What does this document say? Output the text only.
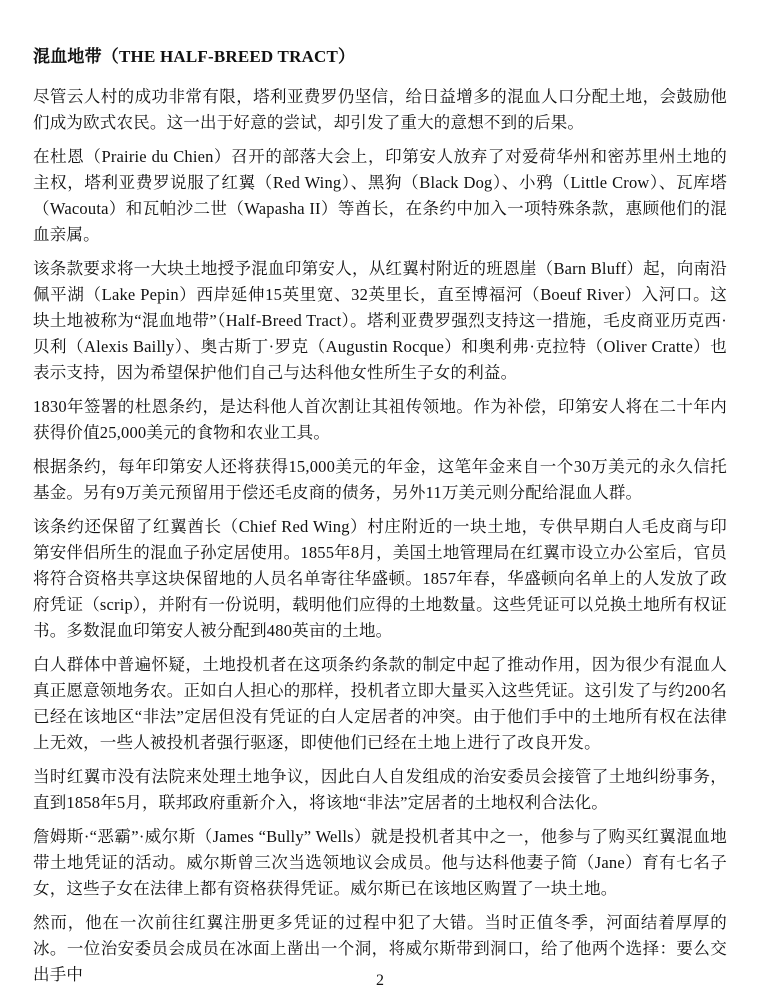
混血地带（THE HALF-BREED TRACT）

尽管云人村的成功非常有限，塔利亚费罗仍坚信，给日益增多的混血人口分配土地，会鼓励他们成为欧式农民。这一出于好意的尝试，却引发了重大的意想不到的后果。

在杜恩（Prairie du Chien）召开的部落大会上，印第安人放弃了对爱荷华州和密苏里州土地的主权，塔利亚费罗说服了红翼（Red Wing）、黑狗（Black Dog）、小鸦（Little Crow）、瓦库塔（Wacouta）和瓦帕沙二世（Wapasha II）等酋长，在条约中加入一项特殊条款，惠顾他们的混血亲属。

该条款要求将一大块土地授予混血印第安人，从红翼村附近的班恩崖（Barn Bluff）起，向南沿佩平湖（Lake Pepin）西岸延伸15英里宽、32英里长，直至博福河（Boeuf River）入河口。这块土地被称为“混血地带”（Half-Breed Tract）。塔利亚费罗强烈支持这一措施，毛皮商亚历克西·贝利（Alexis Bailly）、奥古斯丁·罗克（Augustin Rocque）和奥利弗·克拉特（Oliver Cratte）也表示支持，因为希望保护他们自己与达科他女性所生子女的利益。

1830年签署的杜恩条约，是达科他人首次割让其祖传领地。作为补偿，印第安人将在二十年内获得价值25,000美元的食物和农业工具。

根据条约，每年印第安人还将获得15,000美元的年金，这笔年金来自一个30万美元的永久信托基金。另有9万美元预留用于偿还毛皮商的债务，另外11万美元则分配给混血人群。

该条约还保留了红翼酋长（Chief Red Wing）村庄附近的一块土地，专供早期白人毛皮商与印第安伴侣所生的混血子孙定居使用。1855年8月，美国土地管理局在红翼市设立办公室后，官员将符合资格共享这块保留地的人员名单寄往华盛顿。1857年春，华盛顿向名单上的人发放了政府凭证（scrip），并附有一份说明，载明他们应得的土地数量。这些凭证可以兑换土地所有权证书。多数混血印第安人被分配到480英亩的土地。

白人群体中普遍怀疑，土地投机者在这项条约条款的制定中起了推动作用，因为很少有混血人真正愿意领地务农。正如白人担心的那样，投机者立即大量买入这些凭证。这引发了与约200名已经在该地区“非法”定居但没有凭证的白人定居者的冲突。由于他们手中的土地所有权在法律上无效，一些人被投机者强行驱逐，即使他们已经在土地上进行了改良开发。

当时红翼市没有法院来处理土地争议，因此白人自发组成的治安委员会接管了土地纠纷事务，直到1858年5月，联邦政府重新介入，将该地“非法”定居者的土地权利合法化。

詹姆斯·“恶霸”·威尔斯（James “Bully” Wells）就是投机者其中之一，他参与了购买红翼混血地带土地凭证的活动。威尔斯曾三次当选领地议会成员。他与达科他妻子简（Jane）育有七名子女，这些子女在法律上都有资格获得凭证。威尔斯已在该地区购置了一块土地。

然而，他在一次前往红翼注册更多凭证的过程中犯了大错。当时正值冬季，河面结着厚厚的冰。一位治安委员会成员在冰面上凿出一个洞，将威尔斯带到洞口，给了他两个选择：要么交出手中	2
